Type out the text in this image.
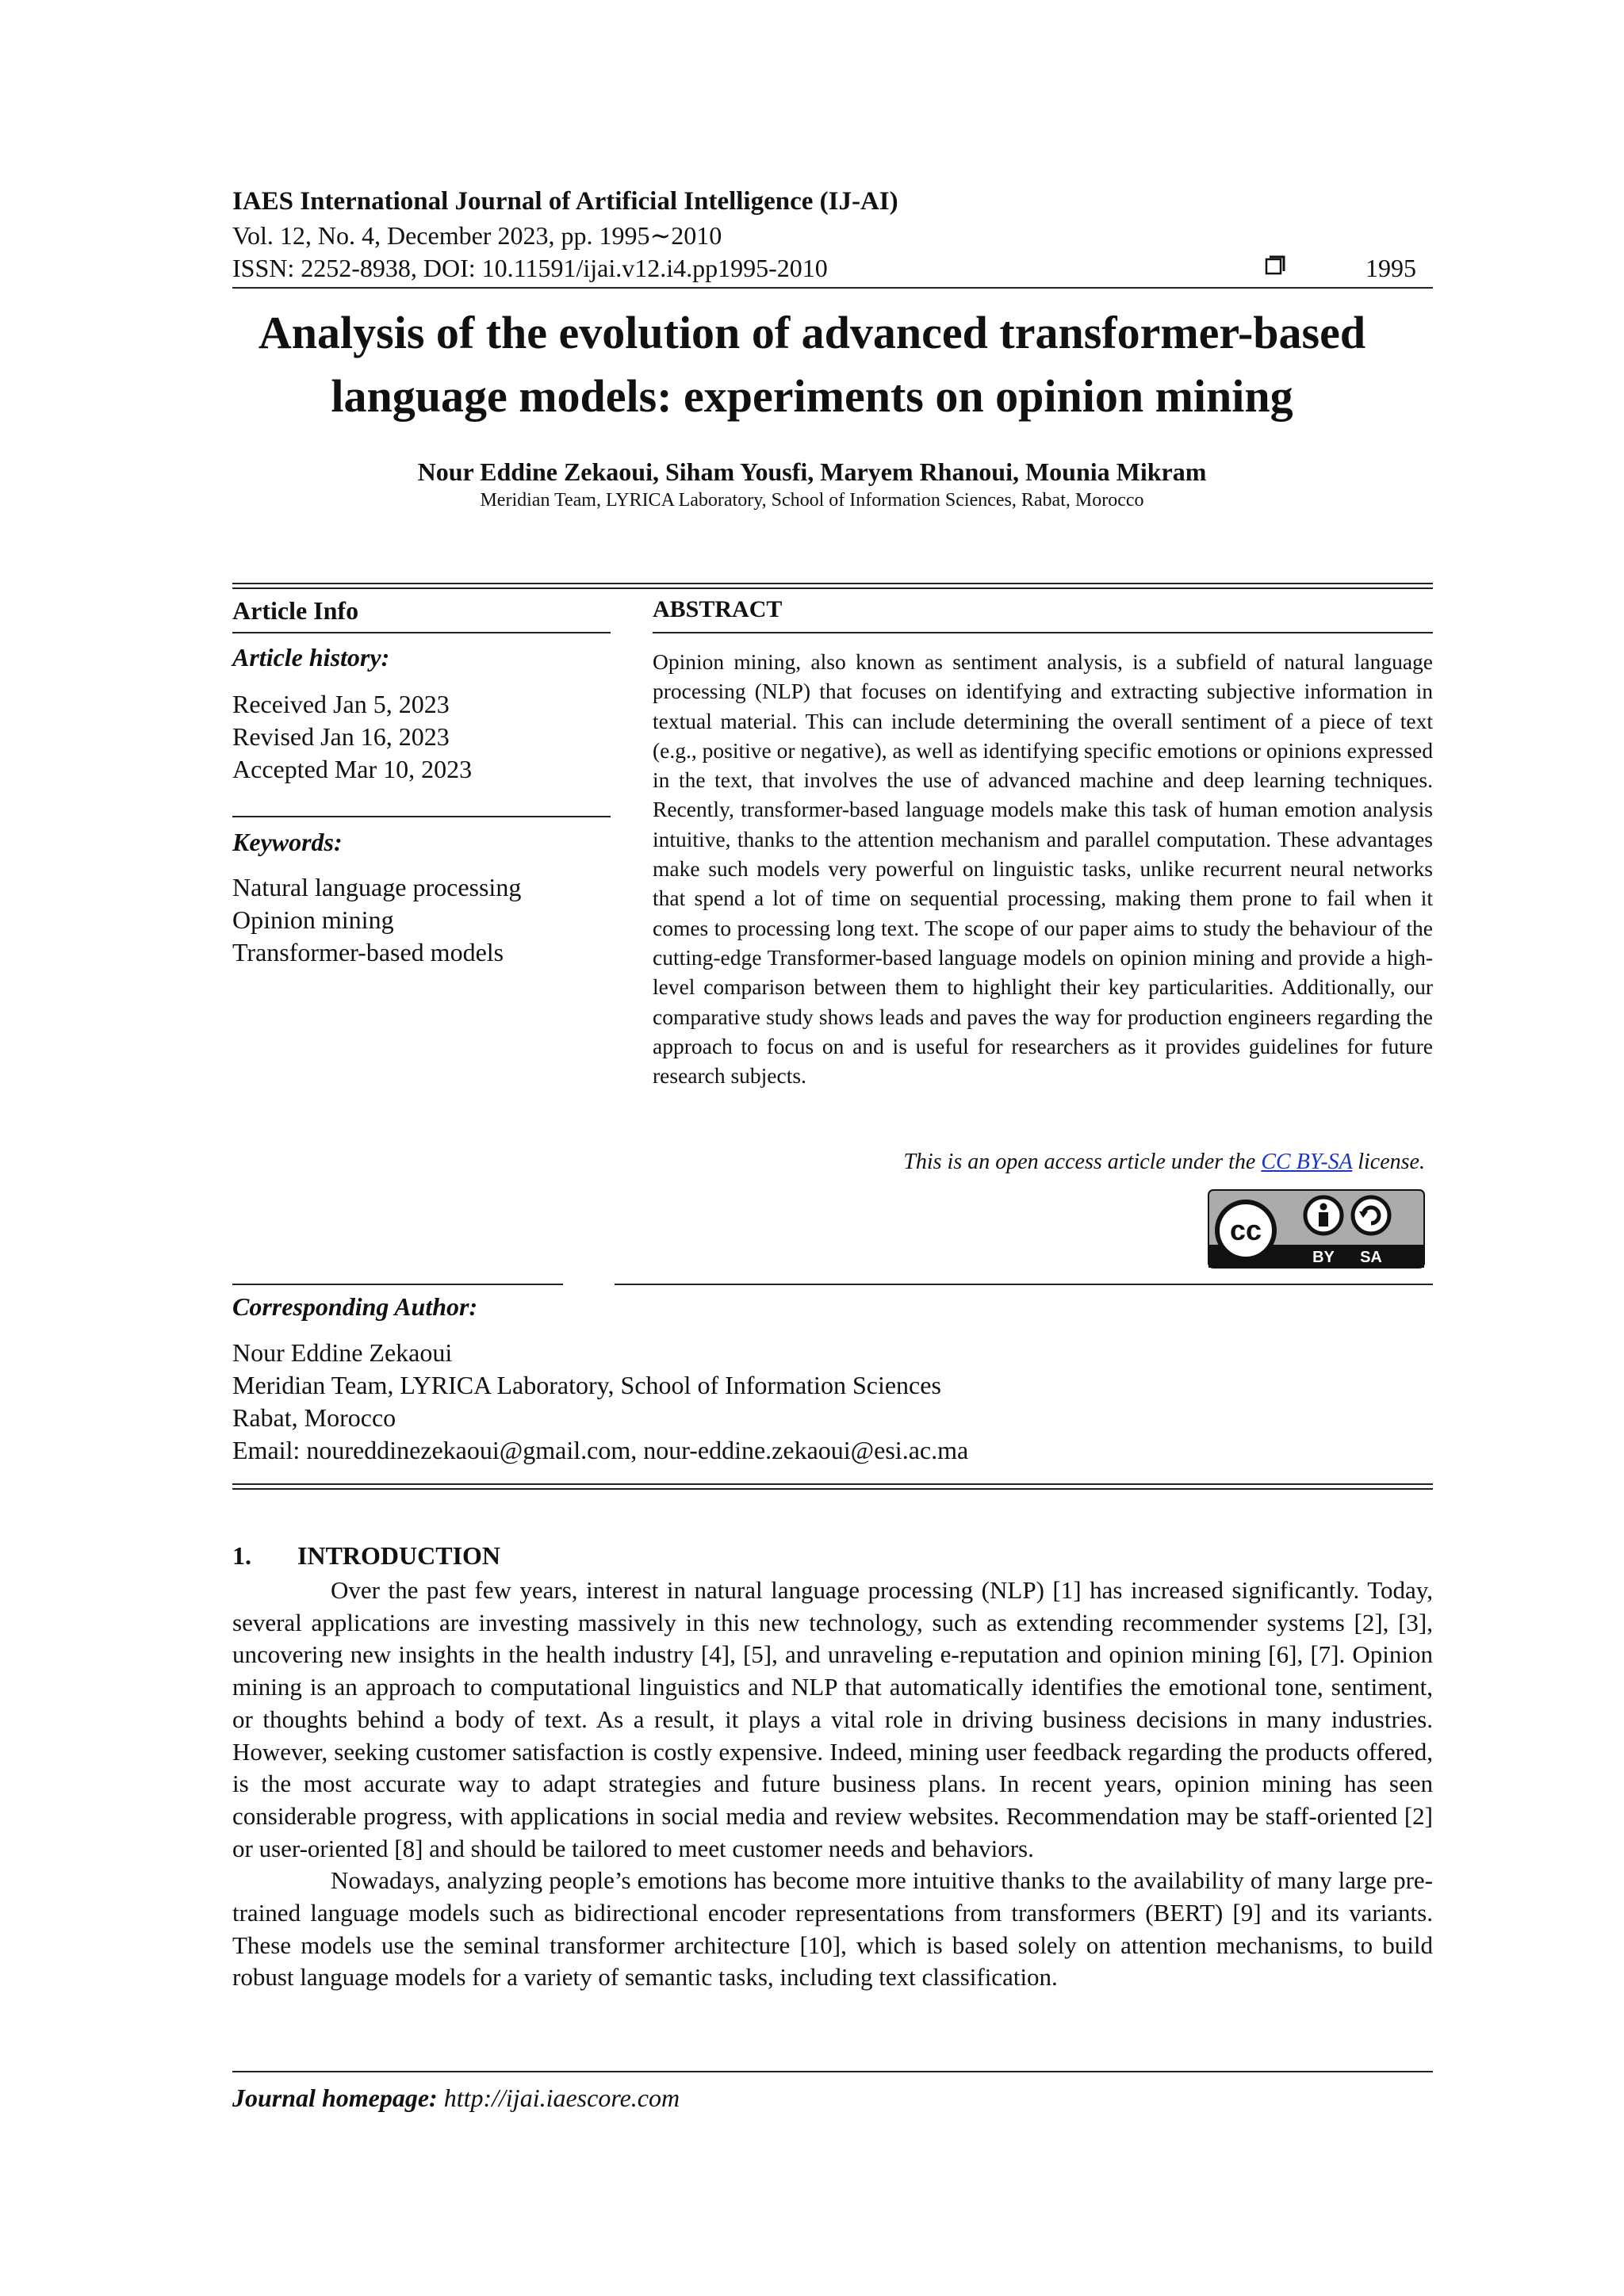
IAES International Journal of Artificial Intelligence (IJ-AI)
Vol. 12, No. 4, December 2023, pp. 1995∼2010
ISSN: 2252-8938, DOI: 10.11591/ijai.v12.i4.pp1995-2010	1995
Analysis of the evolution of advanced transformer-based
language models: experiments on opinion mining
Nour Eddine Zekaoui, Siham Yousfi, Maryem Rhanoui, Mounia Mikram
Meridian Team, LYRICA Laboratory, School of Information Sciences, Rabat, Morocco
Article Info
Article history:
Received Jan 5, 2023
Revised Jan 16, 2023
Accepted Mar 10, 2023
Keywords:
Natural language processing
Opinion mining
Transformer-based models
ABSTRACT
Opinion mining, also known as sentiment analysis, is a subfield of natural language processing (NLP) that focuses on identifying and extracting subjective information in textual material. This can include determining the overall sentiment of a piece of text (e.g., positive or negative), as well as identifying specific emotions or opinions expressed in the text, that involves the use of advanced machine and deep learning techniques. Recently, transformer-based language models make this task of human emotion analysis intuitive, thanks to the attention mechanism and parallel computation. These advantages make such models very powerful on linguistic tasks, unlike recurrent neural networks that spend a lot of time on sequential processing, making them prone to fail when it comes to processing long text. The scope of our paper aims to study the behaviour of the cutting-edge Transformer-based language models on opinion mining and provide a high-level comparison between them to highlight their key particularities. Additionally, our comparative study shows leads and paves the way for production engineers regarding the approach to focus on and is useful for researchers as it provides guidelines for future research subjects.
This is an open access article under the CC BY-SA license.
cc
BY SA
Corresponding Author:
Nour Eddine Zekaoui
Meridian Team, LYRICA Laboratory, School of Information Sciences
Rabat, Morocco
Email: noureddinezekaoui@gmail.com, nour-eddine.zekaoui@esi.ac.ma
1. INTRODUCTION

Over the past few years, interest in natural language processing (NLP) [1] has increased significantly. Today, several applications are investing massively in this new technology, such as extending recommender systems [2], [3], uncovering new insights in the health industry [4], [5], and unraveling e-reputation and opinion mining [6], [7]. Opinion mining is an approach to computational linguistics and NLP that automatically identifies the emotional tone, sentiment, or thoughts behind a body of text. As a result, it plays a vital role in driving business decisions in many industries. However, seeking customer satisfaction is costly expensive. Indeed, mining user feedback regarding the products offered, is the most accurate way to adapt strategies and future business plans. In recent years, opinion mining has seen considerable progress, with applications in social media and review websites. Recommendation may be staff-oriented [2] or user-oriented [8] and should be tailored to meet customer needs and behaviors.

Nowadays, analyzing people’s emotions has become more intuitive thanks to the availability of many large pre-trained language models such as bidirectional encoder representations from transformers (BERT) [9] and its variants. These models use the seminal transformer architecture [10], which is based solely on attention mechanisms, to build robust language models for a variety of semantic tasks, including text classification.

Journal homepage: http://ijai.iaescore.com
